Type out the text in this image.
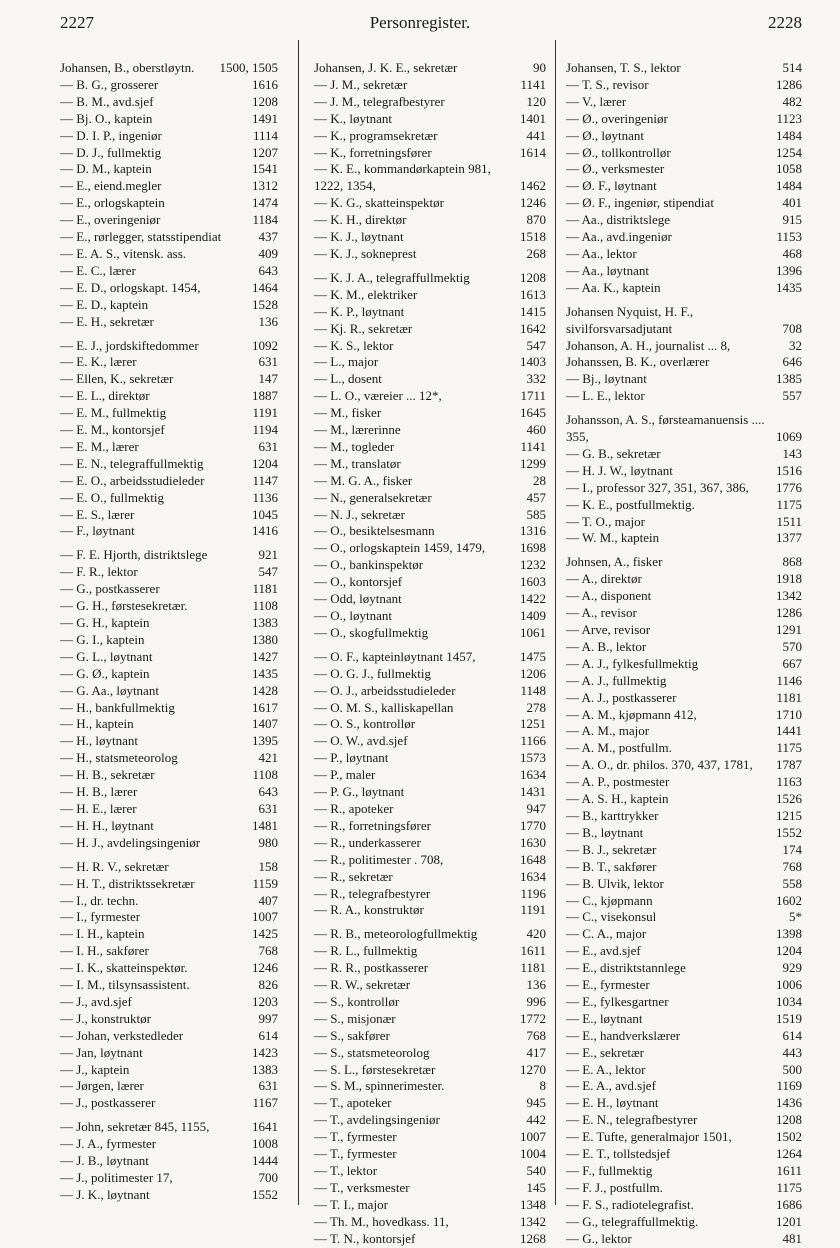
2227	Personregister.	2228
Johansen, B., oberstløytn.	1500, 1505
— B. G., grosserer	1616
— B. M., avd.sjef	1208
— Bj. O., kaptein	1491
— D. I. P., ingeniør	1114
— D. J., fullmektig	1207
— D. M., kaptein	1541
— E., eiend.megler	1312
— E., orlogskaptein	1474
— E., overingeniør	1184
— E., rørlegger, statsstipendiat	437
— E. A. S., vitensk. ass.	409
— E. C., lærer	643
— E. D., orlogskapt. 1454,	1464
— E. D., kaptein	1528
— E. H., sekretær	136
— E. J., jordskiftedommer	1092
— E. K., lærer	631
— Ellen, K., sekretær	147
— E. L., direktør	1887
— E. M., fullmektig	1191
— E. M., kontorsjef	1194
— E. M., lærer	631
— E. N., telegraffullmektig	1204
— E. O., arbeidsstudieleder	1147
— E. O., fullmektig	1136
— E. S., lærer	1045
— F., løytnant	1416
— F. E. Hjorth, distriktslege	921
— F. R., lektor	547
— G., postkasserer	1181
— G. H., førstesekretær.	1108
— G. H., kaptein	1383
— G. I., kaptein	1380
— G. L., løytnant	1427
— G. Ø., kaptein	1435
— G. Aa., løytnant	1428
— H., bankfullmektig	1617
— H., kaptein	1407
— H., løytnant	1395
— H., statsmeteorolog	421
— H. B., sekretær	1108
— H. B., lærer	643
— H. E., lærer	631
— H. H., løytnant	1481
— H. J., avdelingsingeniør	980
— H. R. V., sekretær	158
— H. T., distriktssekretær	1159
— I., dr. techn.	407
— I., fyrmester	1007
— I. H., kaptein	1425
— I. H., sakfører	768
— I. K., skatteinspektør.	1246
— I. M., tilsynsassistent.	826
— J., avd.sjef	1203
— J., konstruktør	997
— Johan, verkstedleder	614
— Jan, løytnant	1423
— J., kaptein	1383
— Jørgen, lærer	631
— J., postkasserer	1167
— John, sekretær 845, 1155,	1641
— J. A., fyrmester	1008
— J. B., løytnant	1444
— J., politimester 17,	700
— J. K., løytnant	1552
Johansen, J. K. E., sekretær	90
— J. M., sekretær	1141
— J. M., telegrafbestyrer	120
— K., løytnant	1401
— K., programsekretær	441
— K., forretningsfører	1614
— K. E., kommandørkaptein 981, 1222, 1354,	1462
— K. G., skatteinspektør	1246
— K. H., direktør	870
— K. J., løytnant	1518
— K. J., sokneprest	268
— K. J. A., telegraffullmektig	1208
— K. M., elektriker	1613
— K. P., løytnant	1415
— Kj. R., sekretær	1642
— K. S., lektor	547
— L., major	1403
— L., dosent	332
— L. O., væreier ... 12*,	1711
— M., fisker	1645
— M., lærerinne	460
— M., togleder	1141
— M., translatør	1299
— M. G. A., fisker	28
— N., generalsekretær	457
— N. J., sekretær	585
— O., besiktelsesmann	1316
— O., orlogskaptein 1459, 1479,	1698
— O., bankinspektør	1232
— O., kontorsjef	1603
— Odd, løytnant	1422
— O., løytnant	1409
— O., skogfullmektig	1061
— O. F., kapteinløytnant 1457,	1475
— O. G. J., fullmektig	1206
— O. J., arbeidsstudieleder	1148
— O. M. S., kalliskapellan	278
— O. S., kontrollør	1251
— O. W., avd.sjef	1166
— P., løytnant	1573
— P., maler	1634
— P. G., løytnant	1431
— R., apoteker	947
— R., forretningsfører	1770
— R., underkasserer	1630
— R., politimester . 708,	1648
— R., sekretær	1634
— R., telegrafbestyrer	1196
— R. A., konstruktør	1191
— R. B., meteorologfullmektig	420
— R. L., fullmektig	1611
— R. R., postkasserer	1181
— R. W., sekretær	136
— S., kontrollør	996
— S., misjonær	1772
— S., sakfører	768
— S., statsmeteorolog	417
— S. L., førstesekretær	1270
— S. M., spinnerimester.	8
— T., apoteker	945
— T., avdelingsingeniør	442
— T., fyrmester	1007
— T., fyrmester	1004
— T., lektor	540
— T., verksmester	145
— T. I., major	1348
— Th. M., hovedkass. 11,	1342
— T. N., kontorsjef	1268
Johansen, T. S., lektor	514
— T. S., revisor	1286
— V., lærer	482
— Ø., overingeniør	1123
— Ø., løytnant	1484
— Ø., tollkontrollør	1254
— Ø., verksmester	1058
— Ø. F., løytnant	1484
— Ø. F., ingeniør, stipendiat	401
— Aa., distriktslege	915
— Aa., avd.ingeniør	1153
— Aa., lektor	468
— Aa., løytnant	1396
— Aa. K., kaptein	1435
Johansen Nyquist, H. F., sivilforsvarsadjutant	708
Johanson, A. H., journalist ... 8,	32
Johanssen, B. K., overlærer	646
— Bj., løytnant	1385
— L. E., lektor	557
Johansson, A. S., førsteamanuensis .... 355,	1069
— G. B., sekretær	143
— H. J. W., løytnant	1516
— I., professor 327, 351, 367, 386,	1776
— K. E., postfullmektig.	1175
— T. O., major	1511
— W. M., kaptein	1377
Johnsen, A., fisker	868
— A., direktør	1918
— A., disponent	1342
— A., revisor	1286
— Arve, revisor	1291
— A. B., lektor	570
— A. J., fylkesfullmektig	667
— A. J., fullmektig	1146
— A. J., postkasserer	1181
— A. M., kjøpmann 412,	1710
— A. M., major	1441
— A. M., postfullm.	1175
— A. O., dr. philos. 370, 437, 1781,	1787
— A. P., postmester	1163
— A. S. H., kaptein	1526
— B., karttrykker	1215
— B., løytnant	1552
— B. J., sekretær	174
— B. T., sakfører	768
— B. Ulvik, lektor	558
— C., kjøpmann	1602
— C., visekonsul	5*
— C. A., major	1398
— E., avd.sjef	1204
— E., distriktstannlege	929
— E., fyrmester	1006
— E., fylkesgartner	1034
— E., løytnant	1519
— E., handverkslærer	614
— E., sekretær	443
— E. A., lektor	500
— E. A., avd.sjef	1169
— E. H., løytnant	1436
— E. N., telegrafbestyrer	1208
— E. Tufte, generalmajor 1501,	1502
— E. T., tollstedsjef	1264
— F., fullmektig	1611
— F. J., postfullm.	1175
— F. S., radiotelegrafist.	1686
— G., telegraffullmektig.	1201
— G., lektor	481
